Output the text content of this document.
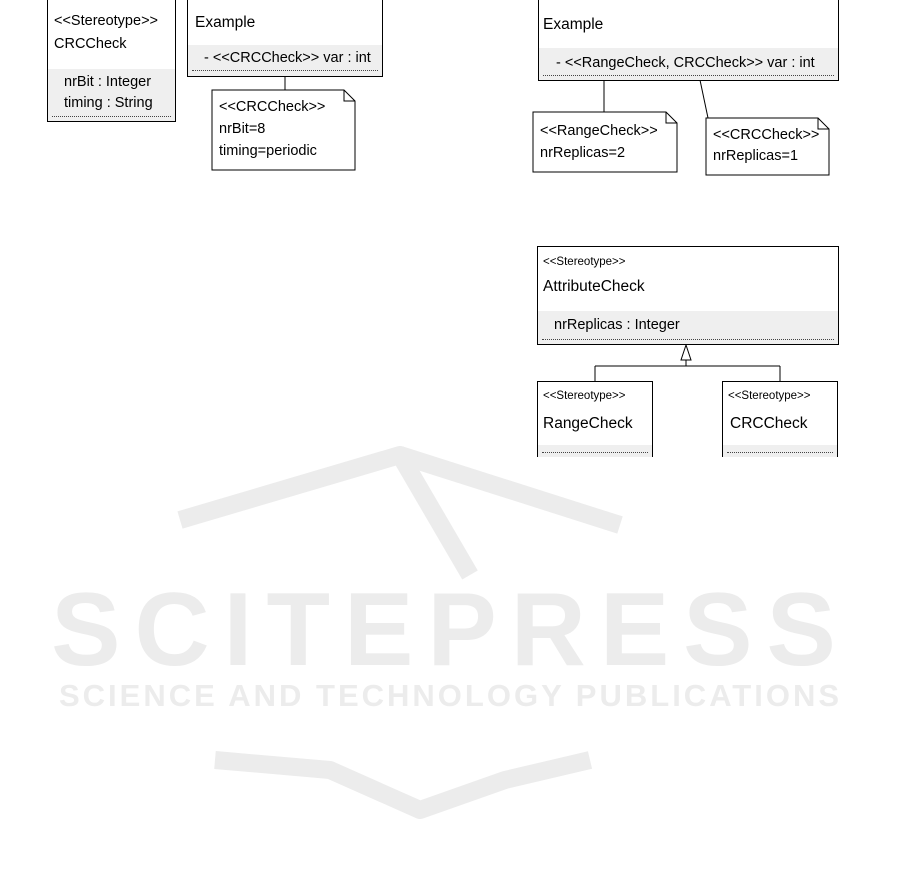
SCITEPRESS
SCIENCE AND TECHNOLOGY PUBLICATIONS
<<Stereotype>>
CRCCheck
nrBit : Integer
timing : String
Example
- <<CRCCheck>> var : int
<<CRCCheck>>
nrBit=8
timing=periodic
Example
- <<RangeCheck, CRCCheck>> var : int
<<RangeCheck>>
nrReplicas=2
<<CRCCheck>>
nrReplicas=1
<<Stereotype>>
AttributeCheck
nrReplicas : Integer
<<Stereotype>>
RangeCheck
<<Stereotype>>
CRCCheck
